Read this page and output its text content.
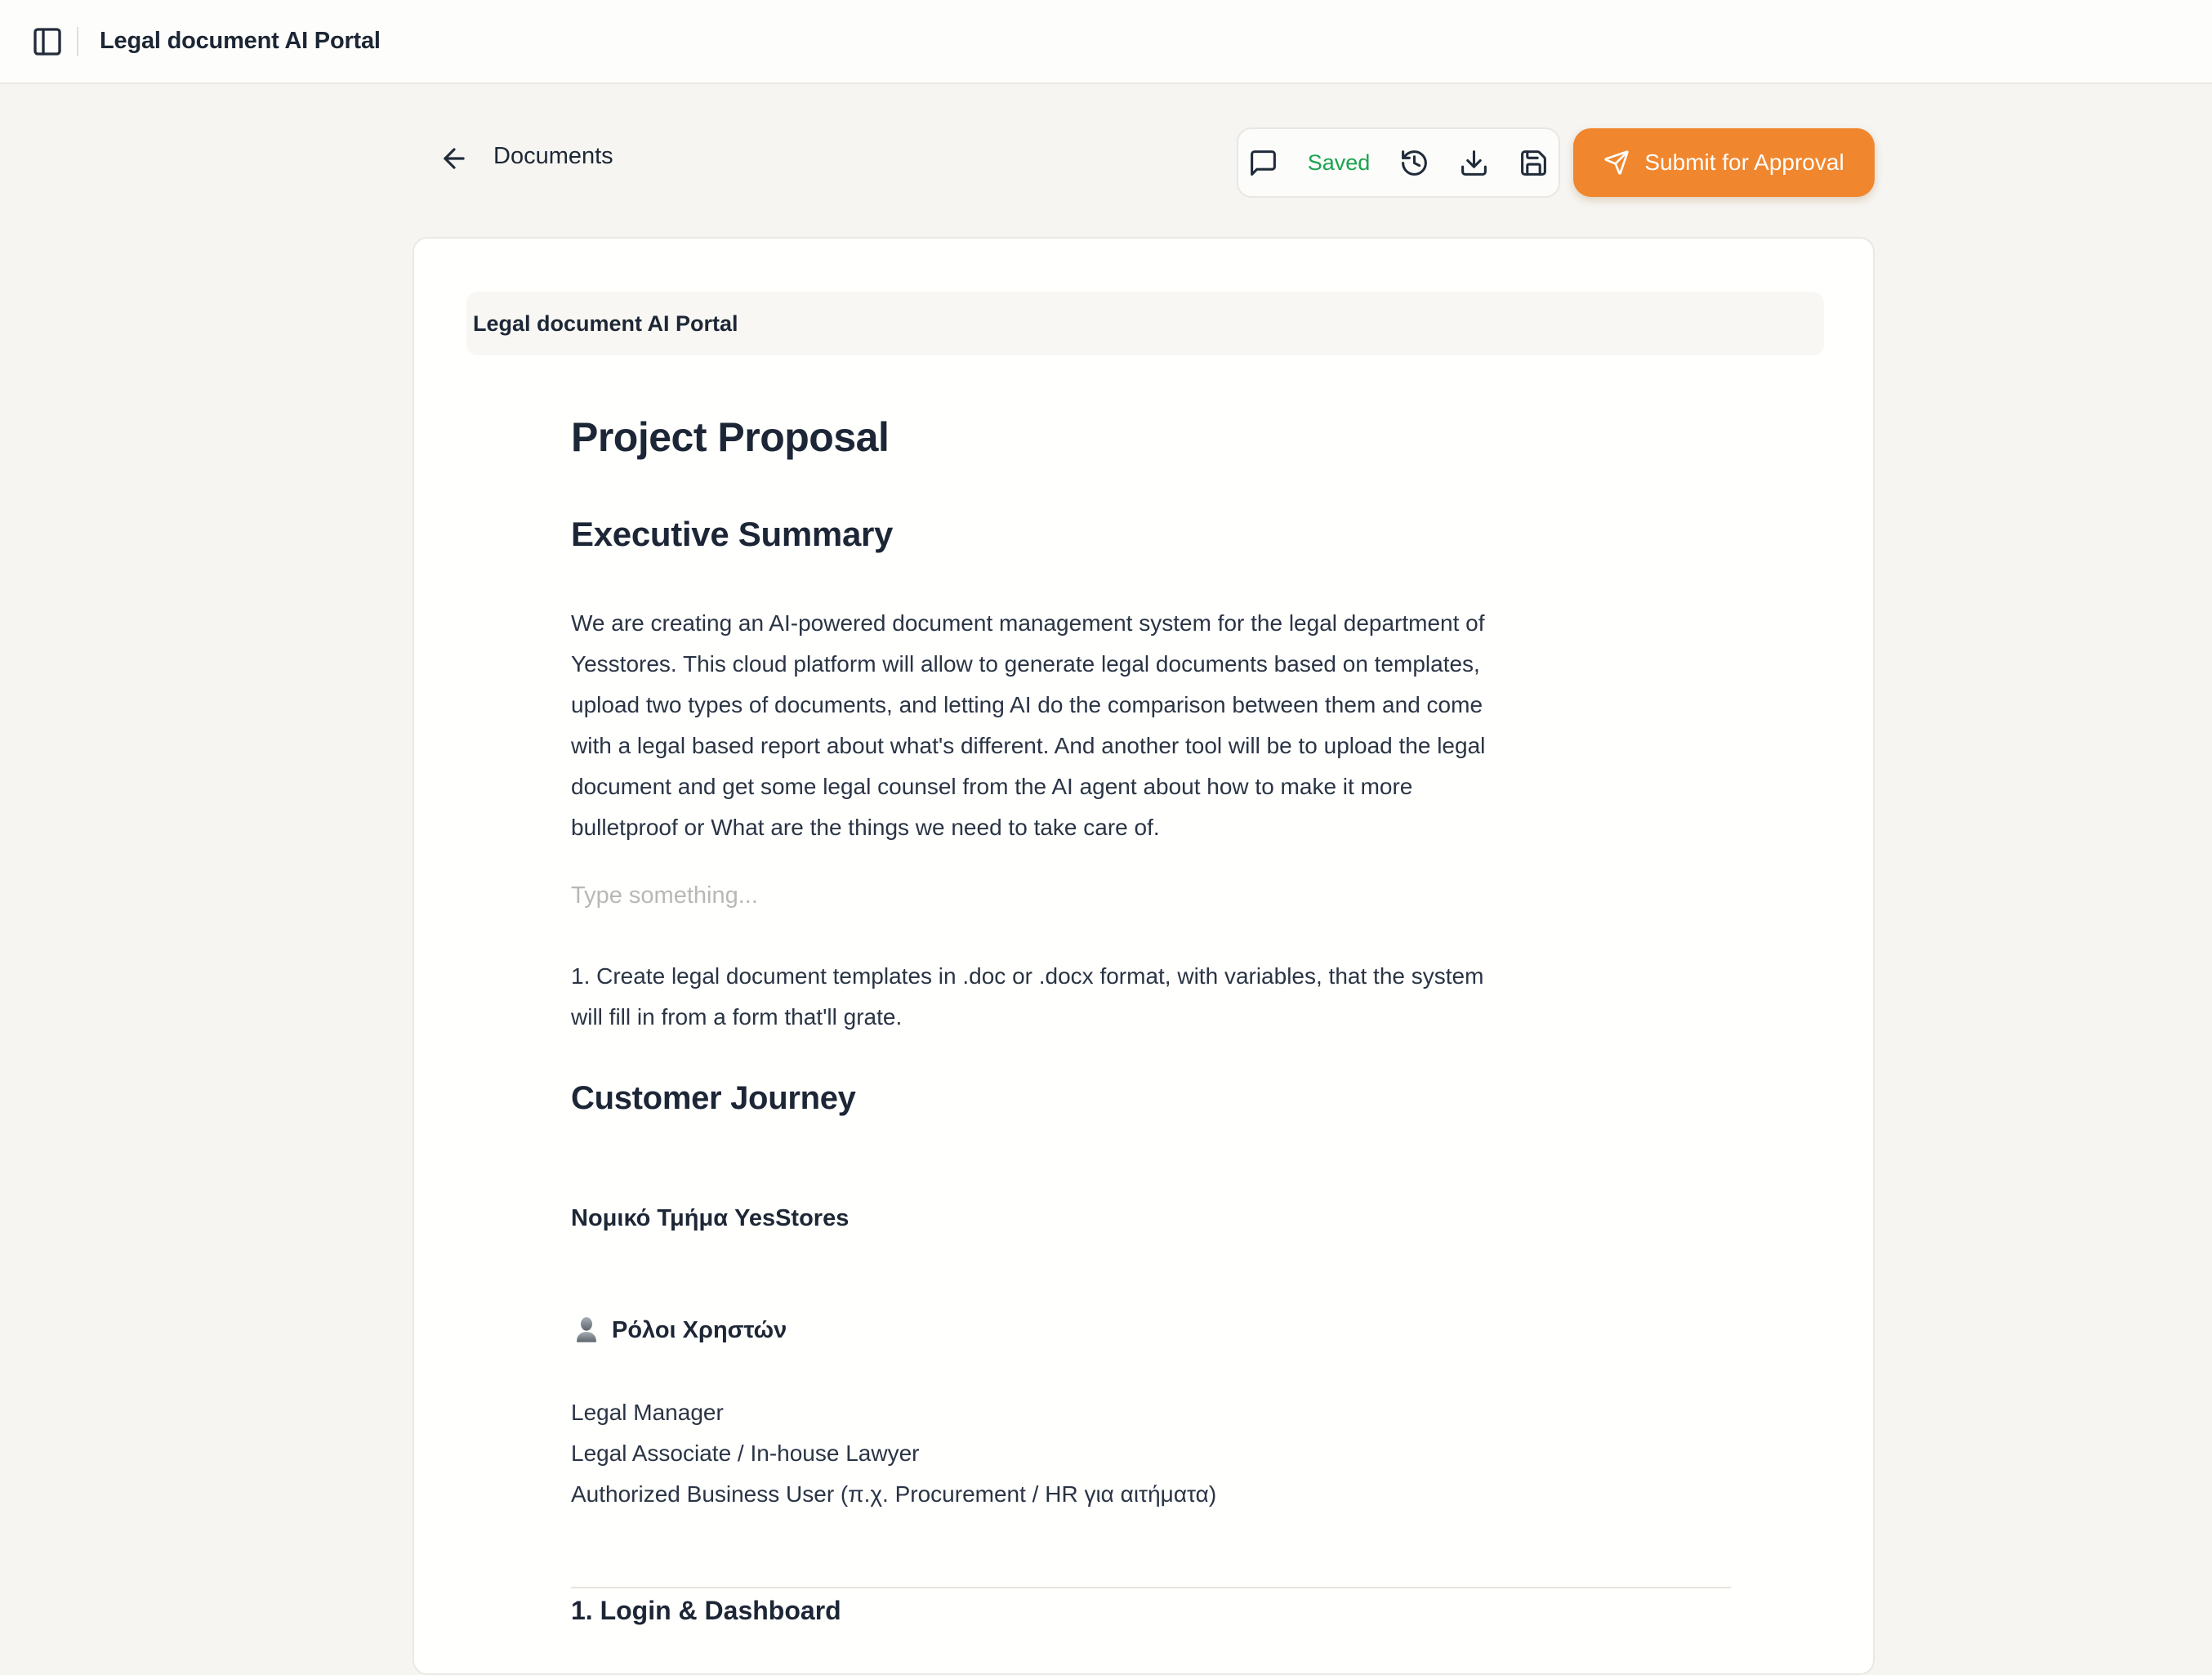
Legal document AI Portal
Documents	Saved	Submit for Approval
Legal document AI Portal
Project Proposal
Executive Summary
We are creating an AI-powered document management system for the legal department of
Yesstores. This cloud platform will allow to generate legal documents based on templates,
upload two types of documents, and letting AI do the comparison between them and come
with a legal based report about what's different. And another tool will be to upload the legal
document and get some legal counsel from the AI agent about how to make it more
bulletproof or What are the things we need to take care of.
Type something...
1. Create legal document templates in .doc or .docx format, with variables, that the system
will fill in from a form that'll grate.
Customer Journey
Νομικό Τμήμα YesStores
Ρόλοι Χρηστών
Legal Manager
Legal Associate / In-house Lawyer
Authorized Business User (π.χ. Procurement / HR για αιτήματα)
1. Login & Dashboard
